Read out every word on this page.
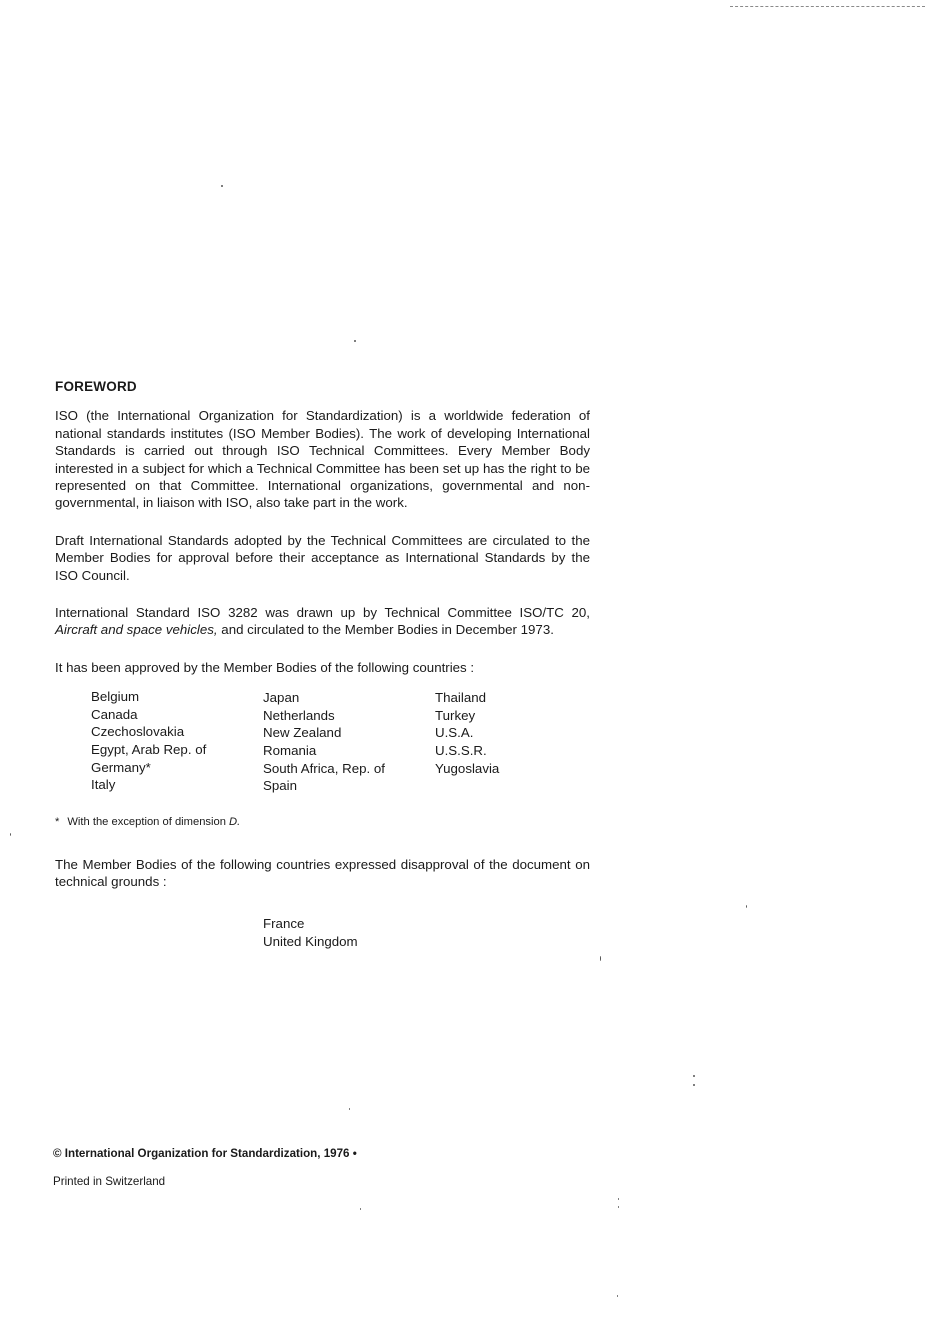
FOREWORD

ISO (the International Organization for Standardization) is a worldwide federation of national standards institutes (ISO Member Bodies). The work of developing International Standards is carried out through ISO Technical Committees. Every Member Body interested in a subject for which a Technical Committee has been set up has the right to be represented on that Committee. International organizations, governmental and non-governmental, in liaison with ISO, also take part in the work.

Draft International Standards adopted by the Technical Committees are circulated to the Member Bodies for approval before their acceptance as International Standards by the ISO Council.

International Standard ISO 3282 was drawn up by Technical Committee ISO/TC 20, Aircraft and space vehicles, and circulated to the Member Bodies in December 1973.

It has been approved by the Member Bodies of the following countries :
Belgium
Canada
Czechoslovakia
Egypt, Arab Rep. of
Germany*
Italy
Japan
Netherlands
New Zealand
Romania
South Africa, Rep. of
Spain
Thailand
Turkey
U.S.A.
U.S.S.R.
Yugoslavia
* With the exception of dimension D.

The Member Bodies of the following countries expressed disapproval of the document on technical grounds :

France
United Kingdom
© International Organization for Standardization, 1976 •
Printed in Switzerland
